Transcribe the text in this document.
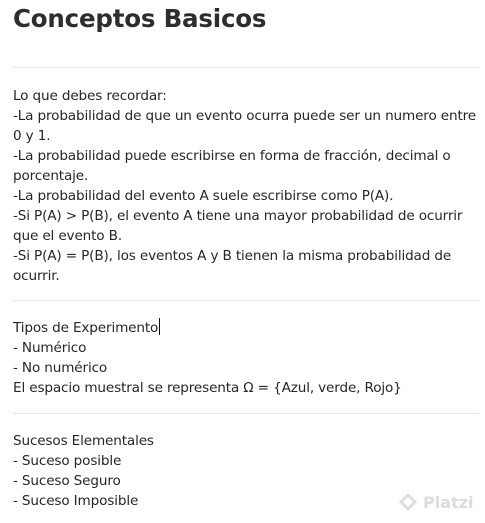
Conceptos Basicos
Lo que debes recordar:
-La probabilidad de que un evento ocurra puede ser un numero entre
0 y 1.
-La probabilidad puede escribirse en forma de fracción, decimal o
porcentaje.
-La probabilidad del evento A suele escribirse como P(A).
-Si P(A) > P(B), el evento A tiene una mayor probabilidad de ocurrir
que el evento B.
-Si P(A) = P(B), los eventos A y B tienen la misma probabilidad de
ocurrir.
Tipos de Experimento
- Numérico
- No numérico
El espacio muestral se representa Ω = {Azul, verde, Rojo}
Sucesos Elementales
- Suceso posible
- Suceso Seguro
- Suceso Imposible	Platzi
